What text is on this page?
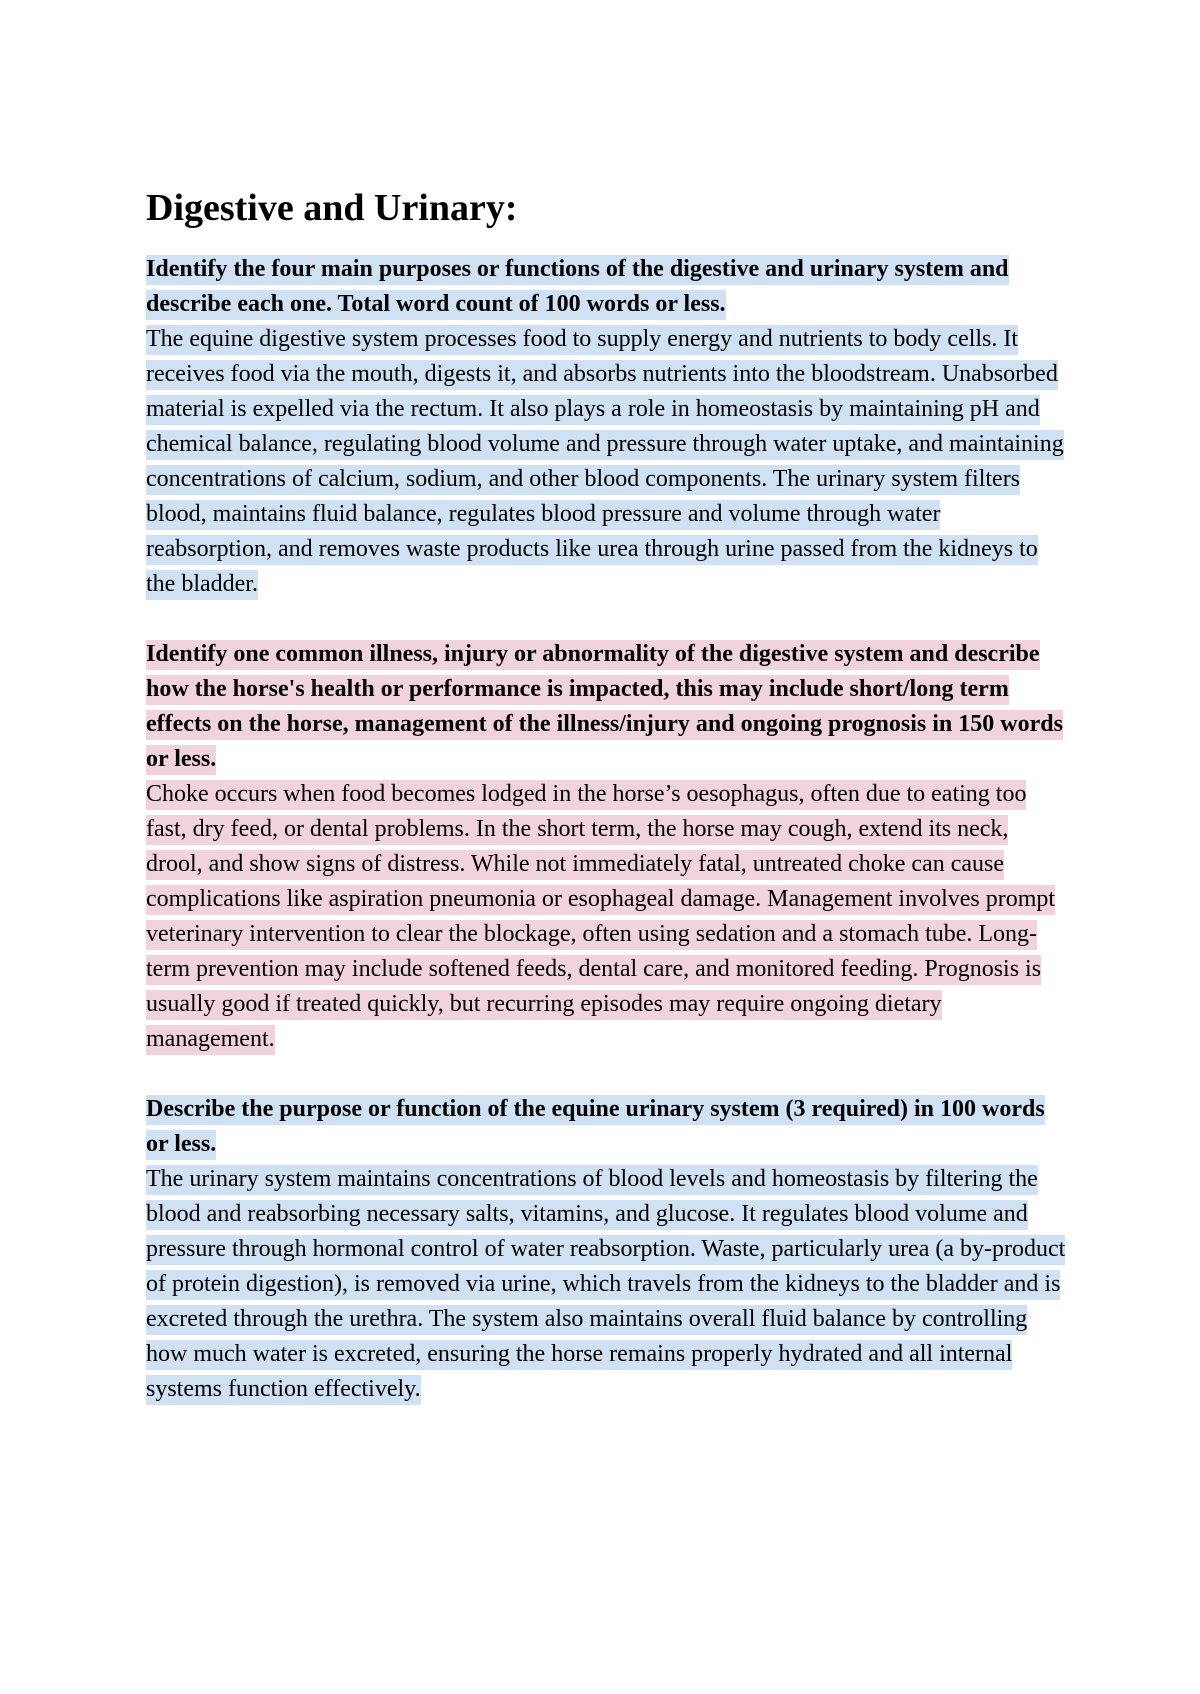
Digestive and Urinary:

Identify the four main purposes or functions of the digestive and urinary system and describe each one. Total word count of 100 words or less.

The equine digestive system processes food to supply energy and nutrients to body cells. It receives food via the mouth, digests it, and absorbs nutrients into the bloodstream. Unabsorbed material is expelled via the rectum. It also plays a role in homeostasis by maintaining pH and chemical balance, regulating blood volume and pressure through water uptake, and maintaining concentrations of calcium, sodium, and other blood components. The urinary system filters blood, maintains fluid balance, regulates blood pressure and volume through water reabsorption, and removes waste products like urea through urine passed from the kidneys to the bladder.

Identify one common illness, injury or abnormality of the digestive system and describe how the horse's health or performance is impacted, this may include short/long term effects on the horse, management of the illness/injury and ongoing prognosis in 150 words or less.

Choke occurs when food becomes lodged in the horse’s oesophagus, often due to eating too fast, dry feed, or dental problems. In the short term, the horse may cough, extend its neck, drool, and show signs of distress. While not immediately fatal, untreated choke can cause complications like aspiration pneumonia or esophageal damage. Management involves prompt veterinary intervention to clear the blockage, often using sedation and a stomach tube. Long-term prevention may include softened feeds, dental care, and monitored feeding. Prognosis is usually good if treated quickly, but recurring episodes may require ongoing dietary management.

Describe the purpose or function of the equine urinary system (3 required) in 100 words or less.

The urinary system maintains concentrations of blood levels and homeostasis by filtering the blood and reabsorbing necessary salts, vitamins, and glucose. It regulates blood volume and pressure through hormonal control of water reabsorption. Waste, particularly urea (a by-product of protein digestion), is removed via urine, which travels from the kidneys to the bladder and is excreted through the urethra. The system also maintains overall fluid balance by controlling how much water is excreted, ensuring the horse remains properly hydrated and all internal systems function effectively.
